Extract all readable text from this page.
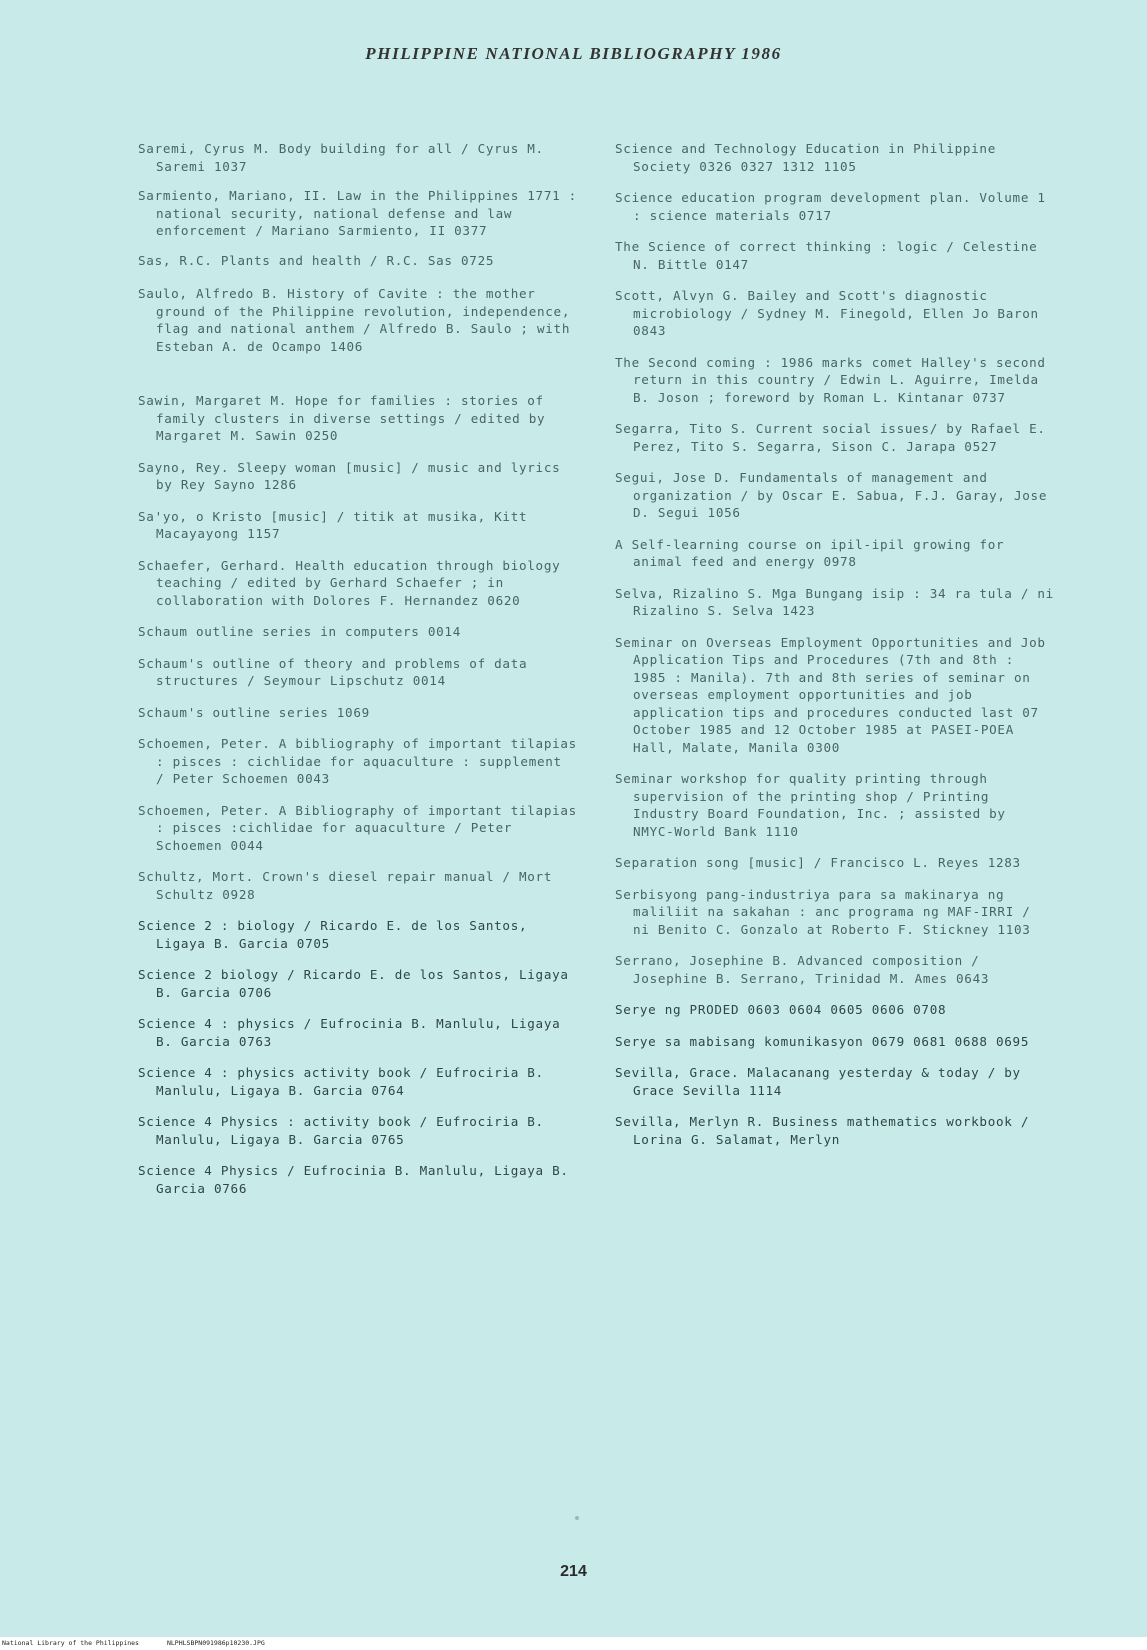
PHILIPPINE NATIONAL BIBLIOGRAPHY 1986
Saremi, Cyrus M. Body building for all / Cyrus M. Saremi 1037
Sarmiento, Mariano, II. Law in the Philippines 1771 : national security, national defense and law enforcement / Mariano Sarmiento, II 0377
Sas, R.C. Plants and health / R.C. Sas 0725
Saulo, Alfredo B. History of Cavite : the mother ground of the Philippine revolution, independence, flag and national anthem / Alfredo B. Saulo ; with Esteban A. de Ocampo 1406
Sawin, Margaret M. Hope for families : stories of family clusters in diverse settings / edited by Margaret M. Sawin 0250
Sayno, Rey. Sleepy woman [music] / music and lyrics by Rey Sayno 1286
Sa'yo, o Kristo [music] / titik at musika, Kitt Macayayong 1157
Schaefer, Gerhard. Health education through biology teaching / edited by Gerhard Schaefer ; in collaboration with Dolores F. Hernandez 0620
Schaum outline series in computers 0014
Schaum's outline of theory and problems of data structures / Seymour Lipschutz 0014
Schaum's outline series 1069
Schoemen, Peter. A bibliography of important tilapias : pisces : cichlidae for aquaculture : supplement / Peter Schoemen 0043
Schoemen, Peter. A Bibliography of important tilapias : pisces :cichlidae for aquaculture / Peter Schoemen 0044
Schultz, Mort. Crown's diesel repair manual / Mort Schultz 0928
Science 2 : biology / Ricardo E. de los Santos, Ligaya B. Garcia 0705
Science 2 biology / Ricardo E. de los Santos, Ligaya B. Garcia 0706
Science 4 : physics / Eufrocinia B. Manlulu, Ligaya B. Garcia 0763
Science 4 : physics activity book / Eufrociria B. Manlulu, Ligaya B. Garcia 0764
Science 4 Physics : activity book / Eufrociria B. Manlulu, Ligaya B. Garcia 0765
Science 4 Physics / Eufrocinia B. Manlulu, Ligaya B. Garcia 0766
Science and Technology Education in Philippine Society 0326 0327 1312 1105
Science education program development plan. Volume 1 : science materials 0717
The Science of correct thinking : logic / Celestine N. Bittle 0147
Scott, Alvyn G. Bailey and Scott's diagnostic microbiology / Sydney M. Finegold, Ellen Jo Baron 0843
The Second coming : 1986 marks comet Halley's second return in this country / Edwin L. Aguirre, Imelda B. Joson ; foreword by Roman L. Kintanar 0737
Segarra, Tito S. Current social issues/ by Rafael E. Perez, Tito S. Segarra, Sison C. Jarapa 0527
Segui, Jose D. Fundamentals of management and organization / by Oscar E. Sabua, F.J. Garay, Jose D. Segui 1056
A Self-learning course on ipil-ipil growing for animal feed and energy 0978
Selva, Rizalino S. Mga Bungang isip : 34 ra tula / ni Rizalino S. Selva 1423
Seminar on Overseas Employment Opportunities and Job Application Tips and Procedures (7th and 8th : 1985 : Manila). 7th and 8th series of seminar on overseas employment opportunities and job application tips and procedures conducted last 07 October 1985 and 12 October 1985 at PASEI-POEA Hall, Malate, Manila 0300
Seminar workshop for quality printing through supervision of the printing shop / Printing Industry Board Foundation, Inc. ; assisted by NMYC-World Bank 1110
Separation song [music] / Francisco L. Reyes 1283
Serbisyong pang-industriya para sa makinarya ng maliliit na sakahan : anc programa ng MAF-IRRI / ni Benito C. Gonzalo at Roberto F. Stickney 1103
Serrano, Josephine B. Advanced composition / Josephine B. Serrano, Trinidad M. Ames 0643
Serye ng PRODED 0603 0604 0605 0606 0708
Serye sa mabisang komunikasyon 0679 0681 0688 0695
Sevilla, Grace. Malacanang yesterday & today / by Grace Sevilla 1114
Sevilla, Merlyn R. Business mathematics workbook / Lorina G. Salamat, Merlyn
214
National Library of the Philippines	NLPHLSBPN091986p10230.JPG
